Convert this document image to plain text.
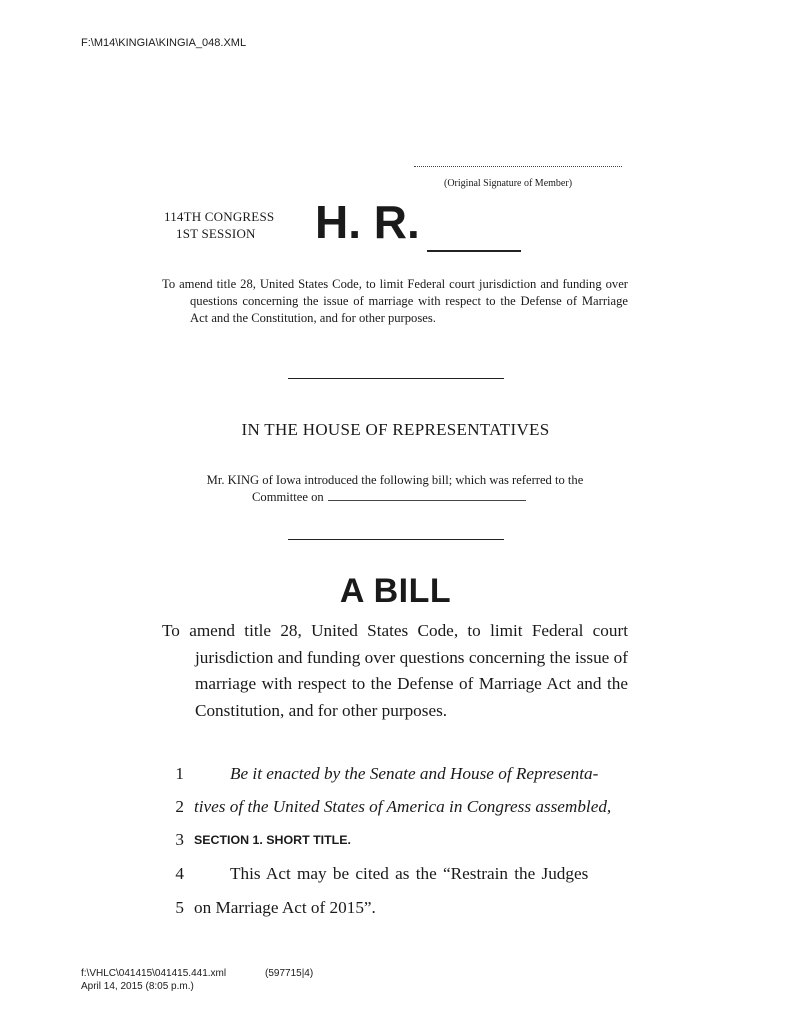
F:\M14\KINGIA\KINGIA_048.XML
(Original Signature of Member)
114TH CONGRESS
1ST SESSION H. R.

To amend title 28, United States Code, to limit Federal court jurisdiction and funding over questions concerning the issue of marriage with respect to the Defense of Marriage Act and the Constitution, and for other purposes.

IN THE HOUSE OF REPRESENTATIVES
Mr. KING of Iowa introduced the following bill; which was referred to the
Committee on
A BILL

To amend title 28, United States Code, to limit Federal court jurisdiction and funding over questions concerning the issue of marriage with respect to the Defense of Marriage Act and the Constitution, and for other purposes.

1	Be it enacted by the Senate and House of Representa-
2 tives of the United States of America in Congress assembled,
3 SECTION 1. SHORT TITLE.
4	This Act may be cited as the “Restrain the Judges
5 on Marriage Act of 2015”.
f:\VHLC\041415\041415.441.xml
April 14, 2015 (8:05 p.m.)
(597715|4)
